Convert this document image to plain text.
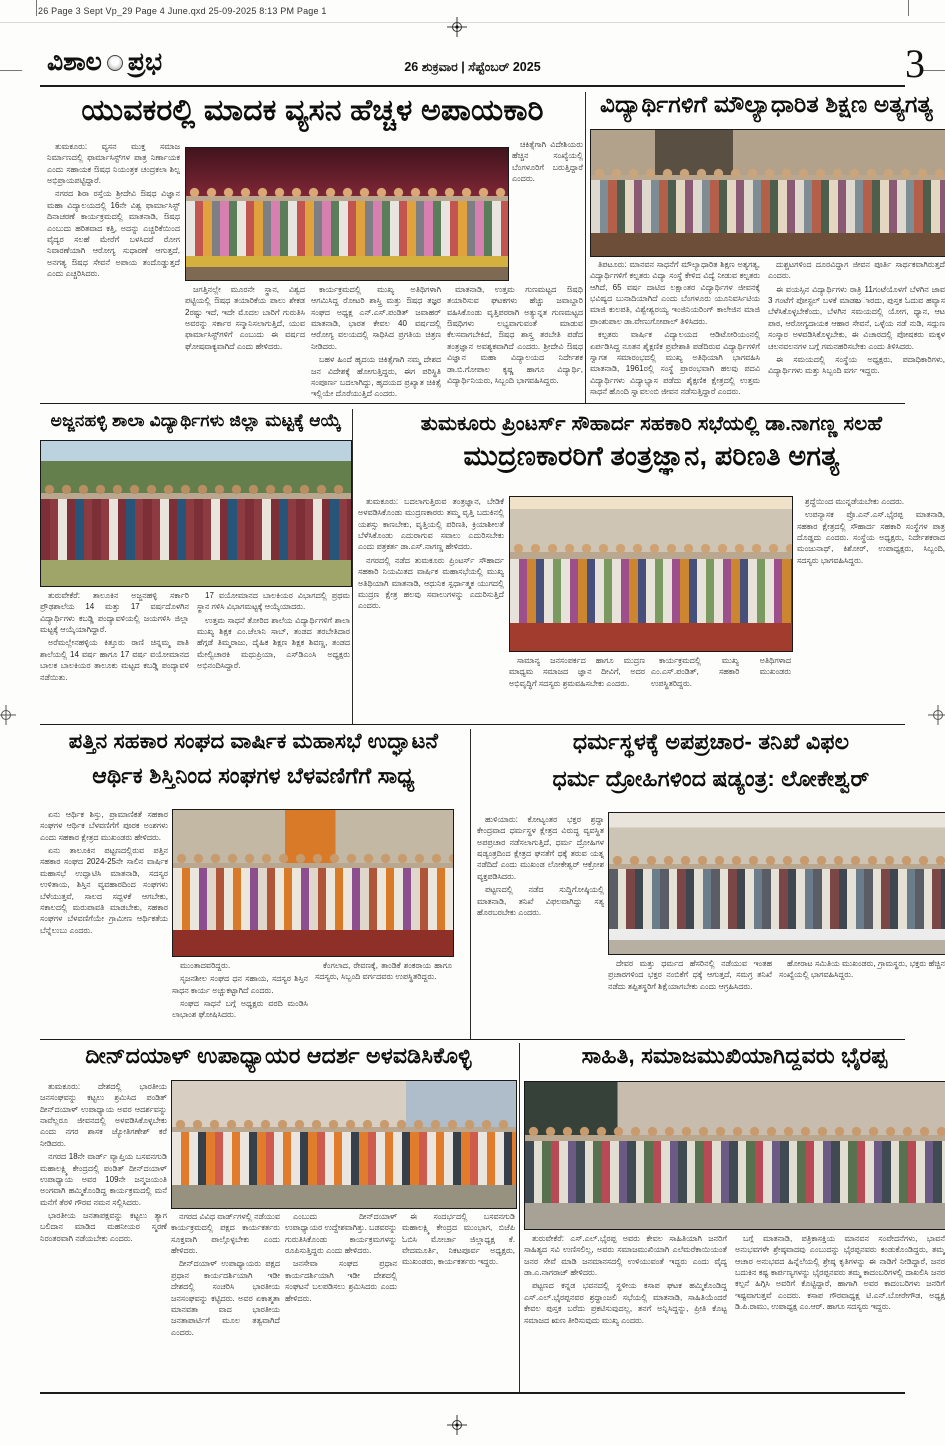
26 Page 3 Sept Vp_29 Page 4 June.qxd 25-09-2025 8:13 PM Page 1
ವಿಶಾಲ ಪ್ರಭ	26 ಶುಕ್ರವಾರ | ಸೆಪ್ಟೆಂಬರ್ 2025	3
ಯುವಕರಲ್ಲಿ ಮಾದಕ ವ್ಯಸನ ಹೆಚ್ಚಳ ಅಪಾಯಕಾರಿ

ತುಮಕೂರು: ವ್ಯಸನ ಮುಕ್ತ ಸಮಾಜ ನಿರ್ಮಾಣದಲ್ಲಿ ಫಾರ್ಮಾಸಿಸ್ಟ್‌ಗಳ ಪಾತ್ರ ನಿರ್ಣಾಯಕ ಎಂದು ಸಹಾಯಕ ಔಷಧ ನಿಯಂತ್ರಕ ಚಂದ್ರಕಲಾ ಶಿಲ್ಪ ಅಭಿಪ್ರಾಯಪಟ್ಟಿದ್ದಾರೆ.

ನಗರದ ಶಿರಾ ರಸ್ತೆಯ ಶ್ರೀದೇವಿ ಔಷಧ ವಿಜ್ಞಾನ ಮಹಾ ವಿದ್ಯಾಲಯದಲ್ಲಿ 16ನೇ ವಿಶ್ವ ಫಾರ್ಮಾಸಿಸ್ಟ್ ದಿನಾಚರಣೆ ಕಾರ್ಯಕ್ರಮದಲ್ಲಿ ಮಾತನಾಡಿ, ಔಷಧ ಎಂಬುದು ಹರಿತವಾದ ಕತ್ತಿ, ಅದನ್ನು ಎಚ್ಚರಿಕೆಯಿಂದ ವೈದ್ಯರ ಸಲಹೆ ಮೇರೆಗೆ ಬಳಸಿದರೆ ರೋಗ ನಿವಾರಣೆಯಾಗಿ ಆರೋಗ್ಯ ಸುಧಾರಣೆ ಆಗುತ್ತದೆ, ಅನಗತ್ಯ ಔಷಧ ಸೇವನೆ ಅಪಾಯ ತಂದೊಡ್ಡುತ್ತದೆ ಎಂದು ಎಚ್ಚರಿಸಿದರು.

ಚಿಕಿತ್ಸೆಗಾಗಿ ವಿದೇಶಿಯರು ಹೆಚ್ಚಿನ ಸಂಖ್ಯೆಯಲ್ಲಿ ಬೆಂಗಳೂರಿಗೆ ಬರುತ್ತಿದ್ದಾರೆ ಎಂದರು.

ಜಗತ್ತಿನಲ್ಲೇ ಮೂರನೇ ಸ್ಥಾನ, ವಿಶ್ವದ ಪಟ್ಟಿಯಲ್ಲಿ ಔಷಧ ತಯಾರಿಕೆಯ ಪಾಲು ಶೇಕಡ 2ರಷ್ಟು ಇದೆ, ಇದೇ ಮೊದಲ ಬಾರಿಗೆ ಗುರುತಿಸಿ ಅವರನ್ನು ಸರ್ಕಾರ ಸನ್ಮಾನಿಸಲಾಗುತ್ತಿದೆ, ಯುವ ಫಾರ್ಮಾಸಿಸ್ಟ್‌ಗಳಿಗೆ ಎಂಬುದು ಈ ವರ್ಷದ ಘೋಷವಾಕ್ಯವಾಗಿದೆ ಎಂದು ಹೇಳಿದರು.

ಕಾರ್ಯಕ್ರಮದಲ್ಲಿ ಮುಖ್ಯ ಅತಿಥಿಗಳಾಗಿ ಆಗಮಿಸಿದ್ದ ರೋಟರಿ ಶಾಸ್ತ್ರಿ ಮತ್ತು ಔಷಧ ತಜ್ಞರ ಸಂಘದ ಅಧ್ಯಕ್ಷ ಎನ್.ಎಸ್.ಪಂಡಿತ್ ಜವಾಹರ್ ಮಾತನಾಡಿ, ಭಾರತ ಕೇವಲ 40 ವರ್ಷದಲ್ಲಿ ಆರೋಗ್ಯ ವಲಯದಲ್ಲಿ ಸಾಧಿಸಿದ ಪ್ರಗತಿಯ ಚಿತ್ರಣ ನೀಡಿದರು.

ಬಹಳ ಹಿಂದೆ ಹೃದಯ ಚಿಕಿತ್ಸೆಗಾಗಿ ನಮ್ಮ ದೇಶದ ಜನ ವಿದೇಶಕ್ಕೆ ಹೋಗುತ್ತಿದ್ದರು, ಈಗ ಪರಿಸ್ಥಿತಿ ಸಂಪೂರ್ಣ ಬದಲಾಗಿದ್ದು, ಹೃದಯದ ಪ್ರಖ್ಯಾತ ಚಿಕಿತ್ಸೆ ಇಲ್ಲಿಯೇ ದೊರೆಯುತ್ತಿದೆ ಎಂದರು.

ಮಾತನಾಡಿ, ಉತ್ತಮ ಗುಣಮಟ್ಟದ ಔಷಧಿ ತಯಾರಿಸುವ ಘಟಕಗಳು ಹೆಚ್ಚು ಜವಾಬ್ದಾರಿ ವಹಿಸಿಕೊಂಡು ವೃತ್ತಿಪರರಾಗಿ ಅತ್ಯುನ್ನತ ಗುಣಮಟ್ಟದ ಔಷಧಿಗಳು ಲಭ್ಯವಾಗುವಂತೆ ಮಾಡುವ ಕೆಲಸವಾಗಬೇಕಿದೆ, ಔಷಧ ಶಾಸ್ತ್ರ ತರಬೇತಿ ಪಡೆದ ತಂತ್ರಜ್ಞಾನ ಅವಶ್ಯಕವಾಗಿದೆ ಎಂದರು. ಶ್ರೀದೇವಿ ಔಷಧ ವಿಜ್ಞಾನ ಮಹಾ ವಿದ್ಯಾಲಯದ ನಿರ್ದೇಶಕ ಡಾ.ಬಿ.ಗೋಪಾಲ ಕೃಷ್ಣ ಹಾಗೂ ವಿದ್ಯಾರ್ಥಿ, ವಿದ್ಯಾರ್ಥಿನಿಯರು, ಸಿಬ್ಬಂದಿ ಭಾಗವಹಿಸಿದ್ದರು.

ವಿದ್ಯಾರ್ಥಿಗಳಿಗೆ ಮೌಲ್ಯಾಧಾರಿತ ಶಿಕ್ಷಣ ಅತ್ಯಗತ್ಯ

ತಿಪಟೂರು: ಮಾನವನ ಸಾಧನೆಗೆ ಮೌಲ್ಯಾಧಾರಿತ ಶಿಕ್ಷಣ ಅತ್ಯಗತ್ಯ, ವಿದ್ಯಾರ್ಥಿಗಳಿಗೆ ಕಲ್ಪತರು ವಿದ್ಯಾ ಸಂಸ್ಥೆ ಕೇಳಿದ ವಿದ್ಯೆ ನೀಡುವ ಕಲ್ಪತರು ಆಗಿದೆ, 65 ವರ್ಷ ದಾಟಿದ ಲಕ್ಷಾಂತರ ವಿದ್ಯಾರ್ಥಿಗಳ ಜೀವನಕ್ಕೆ ಭವಿಷ್ಯದ ಬುನಾದಿಯಾಗಿದೆ ಎಂದು ಬೆಂಗಳೂರು ಯೂನಿವರ್ಸಿಟಿಯ ಮಾಜಿ ಕುಲಪತಿ, ವಿಶ್ವೇಶ್ವರಯ್ಯ ಇಂಜಿನಿಯರಿಂಗ್ ಕಾಲೇಜಿನ ಮಾಜಿ ಪ್ರಾಂಶುಪಾಲ ಡಾ.ವೇಣುಗೋಪಾಲ್ ತಿಳಿಸಿದರು.

ಕಲ್ಪತರು ವಾರ್ಷಿಕ ವಿದ್ಯಾಲಯದ ಆಡಿಟೋರಿಯಂನಲ್ಲಿ ಏರ್ಪಡಿಸಿದ್ದ ನೂತನ ಶೈಕ್ಷಣಿಕ ಪ್ರವೇಶಾತಿ ಪಡೆದಿರುವ ವಿದ್ಯಾರ್ಥಿಗಳಿಗೆ ಸ್ವಾಗತ ಸಮಾರಂಭದಲ್ಲಿ ಮುಖ್ಯ ಅತಿಥಿಯಾಗಿ ಭಾಗವಹಿಸಿ ಮಾತನಾಡಿ, 1961ರಲ್ಲಿ ಸಂಸ್ಥೆ ಪ್ರಾರಂಭವಾಗಿ ಹಲವು ಪದವಿ ವಿದ್ಯಾರ್ಥಿಗಳು ವಿದ್ಯಾಭ್ಯಾಸ ಪಡೆದು ಶೈಕ್ಷಣಿಕ ಕ್ಷೇತ್ರದಲ್ಲಿ ಉತ್ತಮ ಸಾಧನೆ ಹೊಂದಿ ಸ್ವಾವಲಂಬಿ ಜೀವನ ನಡೆಸುತ್ತಿದ್ದಾರೆ ಎಂದರು.

ದುಶ್ಚಟಗಳಿಂದ ದೂರವಿದ್ದಾಗ ಜೀವನ ಪೂರ್ತಿ ಸಾರ್ಥಕವಾಗಿರುತ್ತದೆ ಎಂದರು.

ಈ ವಯಸ್ಸಿನ ವಿದ್ಯಾರ್ಥಿಗಳು ರಾತ್ರಿ 11ಗಂಟೆಯೊಳಗೆ ಬೆಳಗಿನ ಜಾವ 3 ಗಂಟೆಗೆ ಪೋಸ್ಟಲ್ ಬಳಕೆ ಮಾಡబಾರದು, ಪುಸ್ತಕ ಓದುವ ಹವ್ಯಾಸ ಬೆಳೆಸಿಕೊಳ್ಳಬೇಕೆಂದು, ಬೆಳಗಿನ ಸಮಯದಲ್ಲಿ ಯೋಗ, ಧ್ಯಾನ, ಆಟ ಪಾಠ, ಆರೋಗ್ಯದಾಯಕ ಆಹಾರ ಸೇವನೆ, ಒಳ್ಳೆಯ ನಡೆ ನುಡಿ, ಸದ್ಗುಣ ಸಂಸ್ಕಾರ ಅಳವಡಿಸಿಕೊಳ್ಳಬೇಕು, ಈ ವಿಚಾರದಲ್ಲಿ ಪೋಷಕರು ಮಕ್ಕಳ ಚಲನವಲನಗಳ ಬಗ್ಗೆ ಗಮನಹರಿಸಬೇಕು ಎಂದು ತಿಳಿಸಿದರು.

ಈ ಸಮಯದಲ್ಲಿ ಸಂಸ್ಥೆಯ ಅಧ್ಯಕ್ಷರು, ಪದಾಧಿಕಾರಿಗಳು, ವಿದ್ಯಾರ್ಥಿಗಳು ಮತ್ತು ಸಿಬ್ಬಂದಿ ವರ್ಗ ಇದ್ದರು.

ಅಜ್ಜನಹಳ್ಳಿ ಶಾಲಾ ವಿದ್ಯಾರ್ಥಿಗಳು ಜಿಲ್ಲಾ ಮಟ್ಟಕ್ಕೆ ಆಯ್ಕೆ

ತುರುವೇಕೆರೆ: ತಾಲೂಕಿನ ಅಜ್ಜನಹಳ್ಳಿ ಸರ್ಕಾರಿ ಪ್ರೌಢಶಾಲೆಯ 14 ಮತ್ತು 17 ವರ್ಷದೊಳಗಿನ ವಿದ್ಯಾರ್ಥಿಗಳು ಕಬಡ್ಡಿ ಪಂದ್ಯಾವಳಿಯಲ್ಲಿ ಜಯಗಳಿಸಿ ಜಿಲ್ಲಾ ಮಟ್ಟಕ್ಕೆ ಆಯ್ಕೆಯಾಗಿದ್ದಾರೆ.

ಅರೆಮಲ್ಲೇನಹಳ್ಳಿಯ ಕಿತ್ತೂರು ರಾಣಿ ಚಿನ್ನಮ್ಮ ಪಾತಿ ಶಾಲೆಯಲ್ಲಿ 14 ವರ್ಷ ಹಾಗೂ 17 ವರ್ಷ ವಯೋಮಾನದ ಬಾಲಕ ಬಾಲಕಿಯರ ತಾಲೂಕು ಮಟ್ಟದ ಕಬಡ್ಡಿ ಪಂದ್ಯಾವಳಿ ನಡೆಯಿತು.

17 ವಯೋಮಾನದ ಬಾಲಕಿಯರ ವಿಭಾಗದಲ್ಲಿ ಪ್ರಥಮ ಸ್ಥಾನ ಗಳಿಸಿ ವಿಭಾಗಮಟ್ಟಕ್ಕೆ ಆಯ್ಕೆಯಾದರು.

ಉತ್ತಮ ಸಾಧನೆ ತೋರಿದ ಶಾಲೆಯ ವಿದ್ಯಾರ್ಥಿಗಳಿಗೆ ಶಾಲಾ ಮುಖ್ಯ ಶಿಕ್ಷಕ ಎಂ.ಜೆಲಾನಿ ಸಾಬ್, ತಂಡದ ತರಬೇತಿದಾರ ಹೆಗ್ಗಡೆ ತಿಮ್ಮರಾಜು, ದೈಹಿಕ ಶಿಕ್ಷಣ ಶಿಕ್ಷಕ ಶಿವಣ್ಣ, ತಂಡದ ಮೇಲ್ವಿಚಾರಕಿ ಮಧುಪ್ರಿಯಾ, ಎಸ್‌ಡಿಎಂಸಿ ಅಧ್ಯಕ್ಷರು ಅಭಿನಂದಿಸಿದ್ದಾರೆ.

ತುಮಕೂರು ಪ್ರಿಂಟರ್ಸ್ ಸೌಹಾರ್ದ ಸಹಕಾರಿ ಸಭೆಯಲ್ಲಿ ಡಾ.ನಾಗಣ್ಣ ಸಲಹೆ
ಮುದ್ರಣಕಾರರಿಗೆ ತಂತ್ರಜ್ಞಾನ, ಪರಿಣತಿ ಅಗತ್ಯ

ತುಮಕೂರು: ಬದಲಾಗುತ್ತಿರುವ ತಂತ್ರಜ್ಞಾನ, ಬೇಡಿಕೆ ಅಳವಡಿಸಿಕೊಂಡು ಮುದ್ರಣಕಾರರು ತಮ್ಮ ವೃತ್ತಿ ಬದುಕಿನಲ್ಲಿ ಯಶಸ್ಸು ಕಾಣಬೇಕು, ವೃತ್ತಿಯಲ್ಲಿ ಪರಿಣತಿ, ಕ್ರಿಯಾಶೀಲತೆ ಬೆಳೆಸಿಕೊಂಡು ಎದುರಾಗುವ ಸವಾಲು ಎದುರಿಸಬೇಕು ಎಂದು ಪತ್ರಕರ್ತ ಡಾ.ಎಸ್.ನಾಗಣ್ಣ ಹೇಳಿದರು.

ನಗರದಲ್ಲಿ ನಡೆದ ತುಮಕೂರು ಪ್ರಿಂಟರ್ಸ್ ಸೌಹಾರ್ದ ಸಹಕಾರಿ ನಿಯಮಿತದ ವಾರ್ಷಿಕ ಮಹಾಸಭೆಯಲ್ಲಿ ಮುಖ್ಯ ಅತಿಥಿಯಾಗಿ ಮಾತನಾಡಿ, ಆಧುನಿಕ ಸ್ಪರ್ಧಾತ್ಮಕ ಯುಗದಲ್ಲಿ ಮುದ್ರಣ ಕ್ಷೇತ್ರ ಹಲವು ಸವಾಲುಗಳನ್ನು ಎದುರಿಸುತ್ತಿದೆ ಎಂದರು.

ಶ್ರದ್ಧೆಯಿಂದ ಮುನ್ನಡೆಯಬೇಕು ಎಂದರು.

ಉಪನ್ಯಾಸಕ ಪ್ರೊ.ಎನ್.ಎಸ್.ಭೈರಪ್ಪ ಮಾತನಾಡಿ, ಸಹಕಾರ ಕ್ಷೇತ್ರದಲ್ಲಿ ಸೌಹಾರ್ದ ಸಹಕಾರಿ ಸಂಸ್ಥೆಗಳ ಪಾತ್ರ ದೊಡ್ಡದು ಎಂದರು. ಸಂಸ್ಥೆಯ ಅಧ್ಯಕ್ಷರು, ನಿರ್ದೇಶಕರಾದ ಮಂಜುನಾಥ್, ಕಿಶೋರ್, ಉಪಾಧ್ಯಕ್ಷರು, ಸಿಬ್ಬಂದಿ, ಸದಸ್ಯರು ಭಾಗವಹಿಸಿದ್ದರು.

ಸಾಮಾನ್ಯ ಜನಸಂಪರ್ಕದ ಹಾಗೂ ಮುದ್ರಣ ಮಾಧ್ಯಮ ಸಮಾಜದ ಜ್ಞಾನ ದೀವಿಗೆ, ಅದರ ಅಭಿವೃದ್ಧಿಗೆ ಸದಸ್ಯರು ಶ್ರಮವಹಿಸಬೇಕು ಎಂದರು.

ಕಾರ್ಯಕ್ರಮದಲ್ಲಿ ಮುಖ್ಯ ಅತಿಥಿಗಳಾದ ಎಂ.ಎಸ್.ಪಂಡಿತ್, ಸಹಕಾರಿ ಮುಖಂಡರು ಉಪಸ್ಥಿತರಿದ್ದರು.

ಪತ್ತಿನ ಸಹಕಾರ ಸಂಘದ ವಾರ್ಷಿಕ ಮಹಾಸಭೆ ಉದ್ಘಾಟನೆ
ಆರ್ಥಿಕ ಶಿಸ್ತಿನಿಂದ ಸಂಘಗಳ ಬೆಳವಣಿಗೆಗೆ ಸಾಧ್ಯ

ಏನು ಆರ್ಥಿಕ ಶಿಸ್ತು, ಪ್ರಾಮಾಣಿಕತೆ ಸಹಕಾರ ಸಂಘಗಳ ಆರ್ಥಿಕ ಬೆಳವಣಿಗೆಗೆ ಪೂರಕ ಅಂಶಗಳು ಎಂದು ಸಹಕಾರ ಕ್ಷೇತ್ರದ ಮುಖಂಡರು ಹೇಳಿದರು.

ಏನು ತಾಲೂಕಿನ ಪಟ್ಟಣದಲ್ಲಿರುವ ಪತ್ತಿನ ಸಹಕಾರ ಸಂಘದ 2024-25ನೇ ಸಾಲಿನ ವಾರ್ಷಿಕ ಮಹಾಸಭೆ ಉದ್ಘಾಟಿಸಿ ಮಾತನಾಡಿ, ಸದಸ್ಯರ ಉಳಿತಾಯ, ಶಿಸ್ತಿನ ವ್ಯವಹಾರದಿಂದ ಸಂಘಗಳು ಬೆಳೆಯುತ್ತವೆ, ಸಾಲದ ಸದ್ಬಳಕೆ ಆಗಬೇಕು, ಸಕಾಲದಲ್ಲಿ ಮರುಪಾವತಿ ಮಾಡಬೇಕು, ಸಹಕಾರ ಸಂಘಗಳ ಬೆಳವಣಿಗೆಯೇ ಗ್ರಾಮೀಣ ಆರ್ಥಿಕತೆಯ ಬೆನ್ನೆಲುಬು ಎಂದರು.

ಮುಂತಾದವರಿದ್ದರು.

ಸೃಜನಶೀಲ ಸಂಘದ ಧನ ಸಹಾಯ, ಸದಸ್ಯರ ಶಿಸ್ತಿನ ಸಾಧನ ಕಾರ್ಯ ಅಚ್ಚುಕಟ್ಟಾಗಿದೆ ಎಂದರು.

ಸಂಘದ ಸಾಧನೆ ಬಗ್ಗೆ ಅಧ್ಯಕ್ಷರು ವರದಿ ಮಂಡಿಸಿ ಲಾಭಾಂಶ ಘೋಷಿಸಿದರು.

ಕೆಂಗಲಾದ, ರೇವಣಕ್ಕೆ, ತಾಂಡಿಕೆ ಶಂಕರಾಯ ಹಾಗೂ ಸದಸ್ಯರು, ಸಿಬ್ಬಂದಿ ವರ್ಗದವರು ಉಪಸ್ಥಿತರಿದ್ದರು.

ಧರ್ಮಸ್ಥಳಕ್ಕೆ ಅಪಪ್ರಚಾರ- ತನಿಖೆ ವಿಫಲ
ಧರ್ಮ ದ್ರೋಹಿಗಳಿಂದ ಷಡ್ಯಂತ್ರ: ಲೋಕೇಶ್ವರ್

ಹುಳಿಯಾರು: ಕೋಟ್ಯಂತರ ಭಕ್ತರ ಶ್ರದ್ಧಾ ಕೇಂದ್ರವಾದ ಧರ್ಮಸ್ಥಳ ಕ್ಷೇತ್ರದ ವಿರುದ್ಧ ವ್ಯವಸ್ಥಿತ ಅಪಪ್ರಚಾರ ನಡೆಸಲಾಗುತ್ತಿದೆ, ಧರ್ಮ ದ್ರೋಹಿಗಳ ಷಡ್ಯಂತ್ರದಿಂದ ಕ್ಷೇತ್ರದ ಘನತೆಗೆ ಧಕ್ಕೆ ತರುವ ಯತ್ನ ನಡೆದಿದೆ ಎಂದು ಮುಖಂಡ ಲೋಕೇಶ್ವರ್ ಆಕ್ರೋಶ ವ್ಯಕ್ತಪಡಿಸಿದರು.

ಪಟ್ಟಣದಲ್ಲಿ ನಡೆದ ಸುದ್ದಿಗೋಷ್ಠಿಯಲ್ಲಿ ಮಾತನಾಡಿ, ತನಿಖೆ ವಿಫಲವಾಗಿದ್ದು ಸತ್ಯ ಹೊರಬರಬೇಕು ಎಂದರು.

ದೇವರ ಮತ್ತು ಧರ್ಮದ ಹೆಸರಿನಲ್ಲಿ ನಡೆಯುವ ಇಂತಹ ಪ್ರಚಾರಗಳಿಂದ ಭಕ್ತರ ನಂಬಿಕೆಗೆ ಧಕ್ಕೆ ಆಗುತ್ತದೆ, ಸಮಗ್ರ ತನಿಖೆ ನಡೆದು ತಪ್ಪಿತಸ್ಥರಿಗೆ ಶಿಕ್ಷೆಯಾಗಬೇಕು ಎಂದು ಆಗ್ರಹಿಸಿದರು.

ಹೋರಾಟ ಸಮಿತಿಯ ಮುಖಂಡರು, ಗ್ರಾಮಸ್ಥರು, ಭಕ್ತರು ಹೆಚ್ಚಿನ ಸಂಖ್ಯೆಯಲ್ಲಿ ಭಾಗವಹಿಸಿದ್ದರು.

ದೀನ್‌ದಯಾಳ್ ಉಪಾಧ್ಯಾಯರ ಆದರ್ಶ ಅಳವಡಿಸಿಕೊಳ್ಳಿ

ತುಮಕೂರು: ದೇಶದಲ್ಲಿ ಭಾರತೀಯ ಜನಸಂಘವನ್ನು ಕಟ್ಟಲು ಶ್ರಮಿಸಿದ ಪಂಡಿತ್ ದೀನ್‌ದಯಾಳ್ ಉಪಾಧ್ಯಾಯ ಅವರ ಆದರ್ಶವನ್ನು ನಾವೆಲ್ಲರೂ ಜೀವನದಲ್ಲಿ ಅಳವಡಿಸಿಕೊಳ್ಳಬೇಕು ಎಂದು ನಗರ ಶಾಸಕ ಜ್ಯೋತಿಗಣೇಶ್ ಕರೆ ನೀಡಿದರು.

ನಗರದ 18ನೇ ವಾರ್ಡ್ ವ್ಯಾಪ್ತಿಯ ಬಸವನಗುಡಿ ಮಹಾಲಕ್ಷ್ಮಿ ಕೇಂದ್ರದಲ್ಲಿ ಪಂಡಿತ್ ದೀನ್‌ದಯಾಳ್ ಉಪಾಧ್ಯಾಯ ಅವರ 109ನೇ ಜನ್ಮಜಯಂತಿ ಅಂಗವಾಗಿ ಹಮ್ಮಿಕೊಂಡಿದ್ದ ಕಾರ್ಯಕ್ರಮದಲ್ಲಿ ಮನೆ ಮನೆಗೆ ತೆರಳಿ ಗೌರವ ನಮನ ಸಲ್ಲಿಸಿದರು.

ಭಾರತೀಯ ಜನತಾಪಕ್ಷವನ್ನು ಕಟ್ಟಲು ತ್ಯಾಗ ಬಲಿದಾನ ಮಾಡಿದ ಮಹನೀಯರ ಸ್ಮರಣೆ ನಿರಂತರವಾಗಿ ನಡೆಯಬೇಕು ಎಂದರು.

ನಗರದ ವಿವಿಧ ವಾರ್ಡ್‌ಗಳಲ್ಲಿ ನಡೆಯುವ ಕಾರ್ಯಕ್ರಮದಲ್ಲಿ ಪಕ್ಷದ ಕಾರ್ಯಕರ್ತರು ಸೂಕ್ತವಾಗಿ ಪಾಲ್ಗೊಳ್ಳಬೇಕು ಎಂದು ಹೇಳಿದರು.

ದೀನ್‌ದಯಾಳ್ ಉಪಾಧ್ಯಾಯರು ಪಕ್ಷದ ಪ್ರಧಾನ ಕಾರ್ಯದರ್ಶಿಯಾಗಿ ಇಡೀ ದೇಶದಲ್ಲಿ ಸಂಚರಿಸಿ ಭಾರತೀಯ ಜನಸಂಘವನ್ನು ಕಟ್ಟಿದರು. ಅವರ ಏಕಾತ್ಮತಾ ಮಾನವತಾ ವಾದ ಭಾರತೀಯ ಜನತಾಪಾರ್ಟಿಗೆ ಮೂಲ ತತ್ವವಾಗಿದೆ ಎಂದರು.

ಎಂಬುದು ದೀನ್‌ದಯಾಳ್ ಉಪಾಧ್ಯಾಯರ ಉದ್ದೇಶವಾಗಿತ್ತು. ಬಡವರನ್ನು ಗುರುತಿಸಿಕೊಂಡು ಕಾರ್ಯಕ್ರಮಗಳನ್ನು ರೂಪಿಸುತ್ತಿದ್ದರು ಎಂದು ಹೇಳಿದರು.

ಜನಸೇವಾ ಸಂಘದ ಪ್ರಧಾನ ಕಾರ್ಯದರ್ಶಿಯಾಗಿ ಇಡೀ ದೇಶದಲ್ಲಿ ಸಂಘಟನೆ ಬಲಪಡಿಸಲು ಶ್ರಮಿಸಿದರು ಎಂದು ಹೇಳಿದರು.

ಈ ಸಂದರ್ಭದಲ್ಲಿ ಬಸವನಗುಡಿ ಮಹಾಲಕ್ಷ್ಮಿ ಕೇಂದ್ರದ ಮುಂಭಾಗ, ಬಿಜೆಪಿ ಓಬಿಸಿ ಮೋರ್ಚಾ ಜಿಲ್ಲಾಧ್ಯಕ್ಷ ಕೆ. ವೇದಮೂರ್ತಿ, ನಿಕಟಪೂರ್ವ ಅಧ್ಯಕ್ಷರು, ಮುಖಂಡರು, ಕಾರ್ಯಕರ್ತರು ಇದ್ದರು.

ಸಾಹಿತಿ, ಸಮಾಜಮುಖಿಯಾಗಿದ್ದವರು ಭೈರಪ್ಪ

ತುರುವೇಕೆರೆ: ಎಸ್.ಎಲ್.ಭೈರಪ್ಪ ಅವರು ಕೇವಲ ಸಾಹಿತಿಯಾಗಿ ಜನರಿಗೆ ಸಾಹಿತ್ಯದ ಸವಿ ಉಣಿಸಲಿಲ್ಲ, ಅವರು ಸಮಾಜಮುಖಿಯಾಗಿ ಎಲೆಮರೆಕಾಯಿಯಂತೆ ಜನರ ಸೇವೆ ಮಾಡಿ ಜನಮಾನಸದಲ್ಲಿ ಉಳಿಯುವಂತೆ ಇದ್ದರು ಎಂದು ವೈದ್ಯ ಡಾ.ಎ.ನಾಗರಾಜ್ ಹೇಳಿದರು.

ಪಟ್ಟಣದ ಕನ್ನಡ ಭವನದಲ್ಲಿ ಸ್ಥಳೀಯ ಕಸಾಪ ಘಟಕ ಹಮ್ಮಿಕೊಂಡಿದ್ದ ಎಸ್.ಎಲ್.ಭೈರಪ್ಪನವರ ಶ್ರದ್ಧಾಂಜಲಿ ಸಭೆಯಲ್ಲಿ ಮಾತನಾಡಿ, ಸಾಹಿತಿಯೆಂದರೆ ಕೇವಲ ಪುಸ್ತಕ ಬರೆದು ಪ್ರಕಟಿಸುವುದಲ್ಲ, ತನಗೆ ಅನ್ನಿಸಿದ್ದನ್ನು, ಪ್ರೀತಿ ಕೊಟ್ಟ ಸಮಾಜದ ಋಣ ತೀರಿಸುವುದು ಮುಖ್ಯ ಎಂದರು.

ಬಗ್ಗೆ ಮಾತನಾಡಿ, ಪತ್ರಿಕಾಸಕ್ತಿಯ ಮಾನವನ ಸಂವೇದನೆಗಳು, ಭಾವನೆ ಅನುಭವಗಳೇ ಶ್ರೇಷ್ಠವಾದವು ಎಂಬುದನ್ನು ಭೈರಪ್ಪನವರು ಕಂಡುಕೊಂಡಿದ್ದರು, ತಮ್ಮ ಆಚಾರ ಅನುಭವದ ಹಿನ್ನೆಲೆಯಲ್ಲಿ ಶ್ರೇಷ್ಠ ಕೃತಿಗಳನ್ನು ಈ ನಾಡಿಗೆ ನೀಡಿದ್ದಾರೆ, ಜನರ ಬದುಕಿನ ಕಷ್ಟ ಕಾರ್ಪಣ್ಯಗಳನ್ನು ಭೈರಪ್ಪನವರು ತಮ್ಮ ಕಾದಂಬರಿಗಳಲ್ಲಿ ದಾಖಲಿಸಿ ಜನರ ಕಲ್ಪನೆ ಹಿಗ್ಗಿಸಿ ಅವರಿಗೆ ಕೊಟ್ಟಿದ್ದಾರೆ, ಹಾಗಾಗಿ ಅವರ ಕಾದಂಬರಿಗಳು ಜನರಿಗೆ ಇಷ್ಟವಾಗುತ್ತವೆ ಎಂದರು. ಕಸಾಪ ಗೌರವಾಧ್ಯಕ್ಷ ಟಿ.ಎನ್.ಬೋರೇಗೌಡ, ಅಧ್ಯಕ್ಷ ಡಿ.ಪಿ.ರಾಮು, ಉಪಾಧ್ಯಕ್ಷ ಎಂ.ಆರ್. ಹಾಗೂ ಸದಸ್ಯರು ಇದ್ದರು.
